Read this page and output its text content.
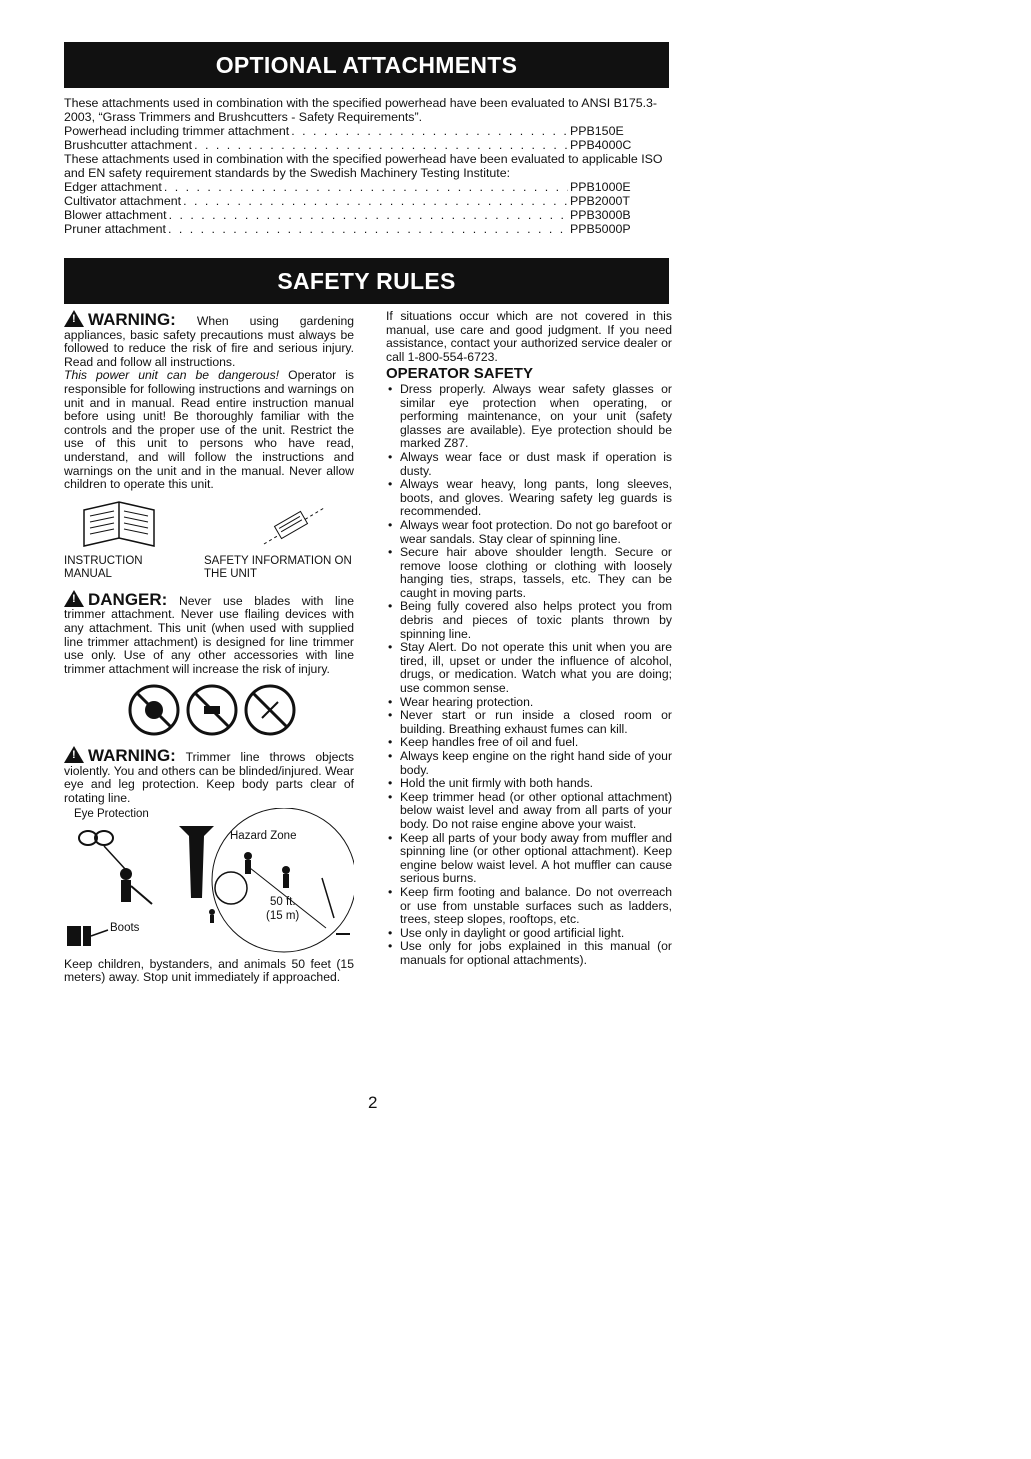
OPTIONAL ATTACHMENTS

These attachments used in combination with the specified powerhead have been evaluated to ANSI B175.3-2003, “Grass Trimmers and Brushcutters - Safety Requirements”.

Powerhead including trimmer attachment . . .	PPB150E
Brushcutter attachment . . .	PPB4000C

These attachments used in combination with the specified powerhead have been evaluated to applicable ISO and EN safety requirement standards by the Swedish Machinery Testing Institute:

Edger attachment . . .	PPB1000E
Cultivator attachment . . .	PPB2000T
Blower attachment . . .	PPB3000B
Pruner attachment . . .	PPB5000P
SAFETY RULES

!WARNING: When using gardening appliances, basic safety precautions must always be followed to reduce the risk of fire and serious injury. Read and follow all instructions.

This power unit can be dangerous! Operator is responsible for following instructions and warnings on unit and in manual. Read entire instruction manual before using unit! Be thoroughly familiar with the controls and the proper use of the unit. Restrict the use of this unit to persons who have read, understand, and will follow the instructions and warnings on the unit and in the manual. Never allow children to operate this unit.

INSTRUCTION MANUAL
SAFETY INFORMATION ON THE UNIT

!DANGER: Never use blades with line trimmer attachment. Never use flailing devices with any attachment. This unit (when used with supplied line trimmer attachment) is designed for line trimmer use only. Use of any other accessories with line trimmer attachment will increase the risk of injury.

!WARNING: Trimmer line throws objects violently. You and others can be blinded/injured. Wear eye and leg protection. Keep body parts clear of rotating line.

Eye Protection
Hazard Zone
50 ft.
(15 m)
Boots

Keep children, bystanders, and animals 50 feet (15 meters) away. Stop unit immediately if approached.

If situations occur which are not covered in this manual, use care and good judgment. If you need assistance, contact your authorized service dealer or call 1-800-554-6723.

OPERATOR SAFETY
• Dress properly. Always wear safety glasses or similar eye protection when operating, or performing maintenance, on your unit (safety glasses are available). Eye protection should be marked Z87.
• Always wear face or dust mask if operation is dusty.
• Always wear heavy, long pants, long sleeves, boots, and gloves. Wearing safety leg guards is recommended.
• Always wear foot protection. Do not go barefoot or wear sandals. Stay clear of spinning line.
• Secure hair above shoulder length. Secure or remove loose clothing or clothing with loosely hanging ties, straps, tassels, etc. They can be caught in moving parts.
• Being fully covered also helps protect you from debris and pieces of toxic plants thrown by spinning line.
• Stay Alert. Do not operate this unit when you are tired, ill, upset or under the influence of alcohol, drugs, or medication. Watch what you are doing; use common sense.
• Wear hearing protection.
• Never start or run inside a closed room or building. Breathing exhaust fumes can kill.
• Keep handles free of oil and fuel.
• Always keep engine on the right hand side of your body.
• Hold the unit firmly with both hands.
• Keep trimmer head (or other optional attachment) below waist level and away from all parts of your body. Do not raise engine above your waist.
• Keep all parts of your body away from muffler and spinning line (or other optional attachment). Keep engine below waist level. A hot muffler can cause serious burns.
• Keep firm footing and balance. Do not overreach or use from unstable surfaces such as ladders, trees, steep slopes, rooftops, etc.
• Use only in daylight or good artificial light.
• Use only for jobs explained in this manual (or manuals for optional attachments).
2
